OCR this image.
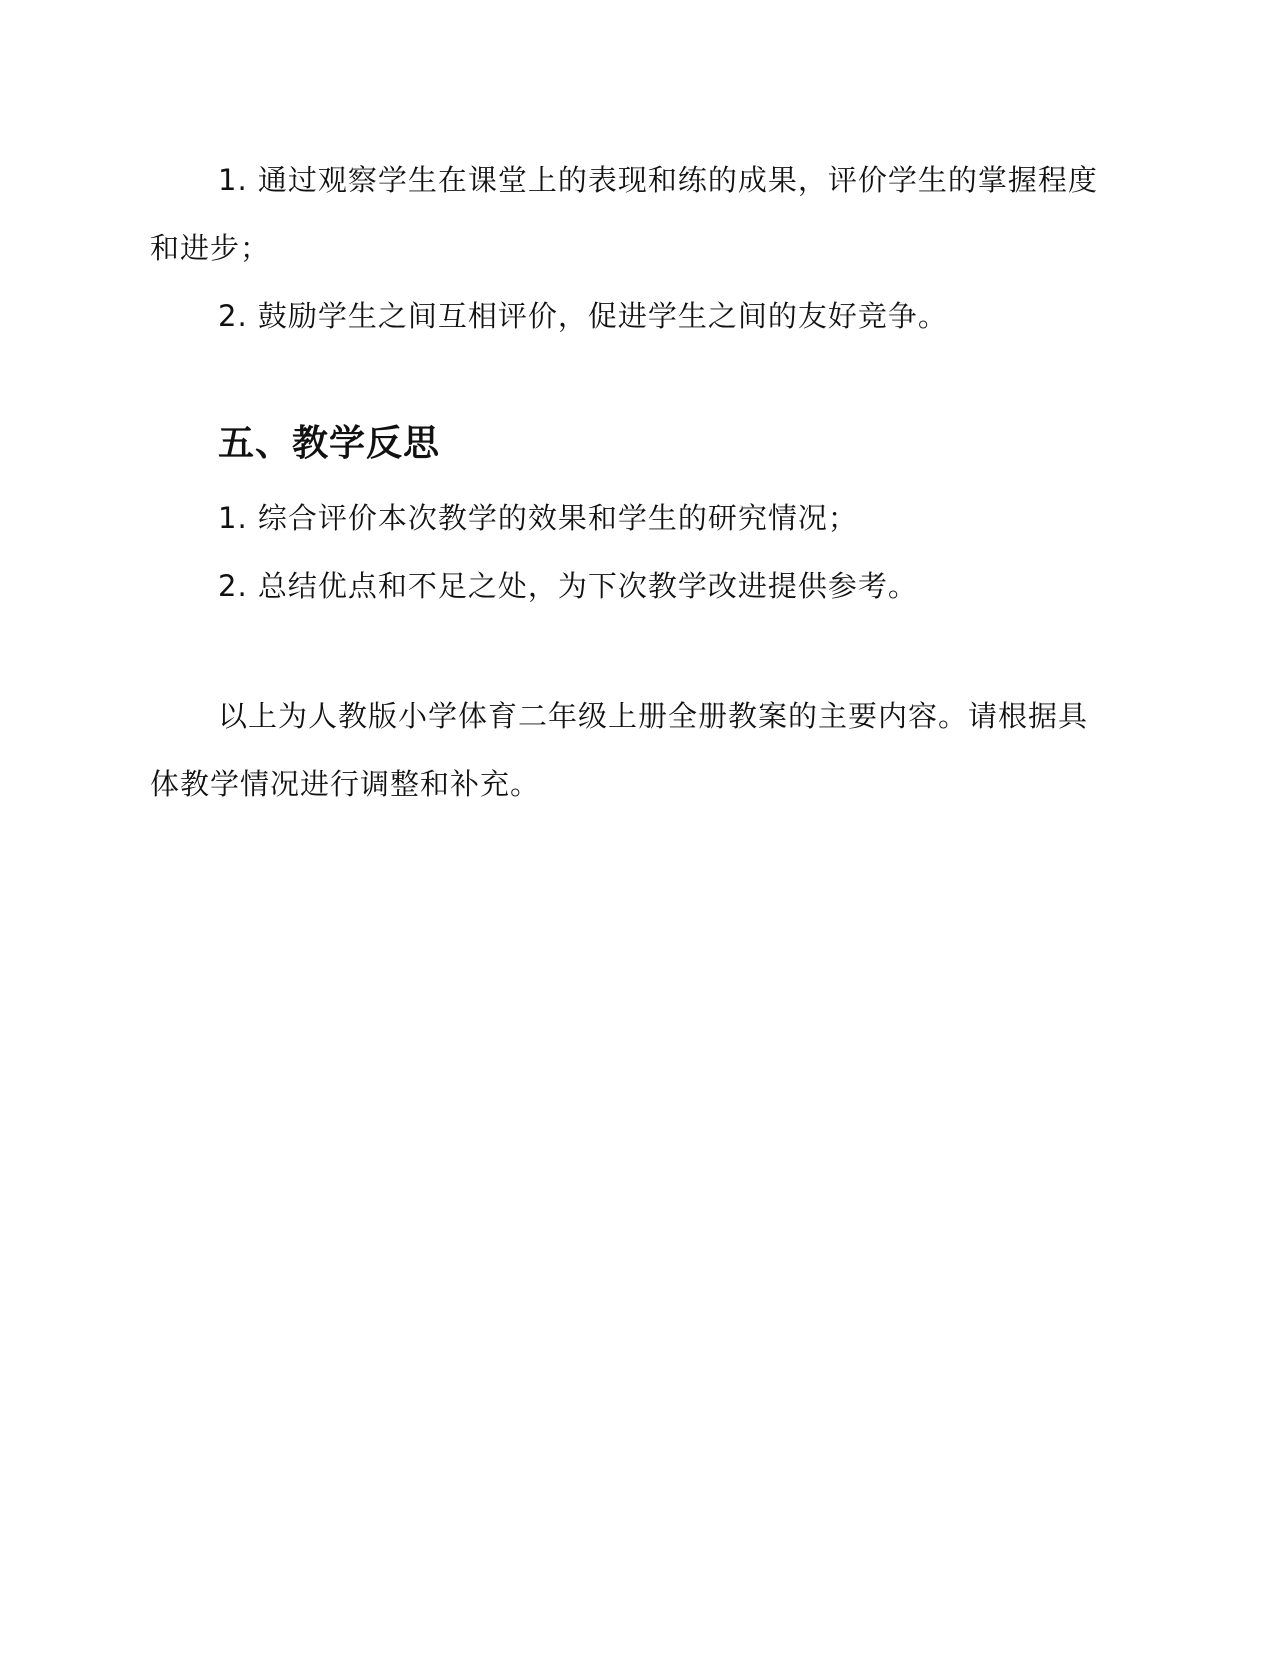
1. 通过观察学生在课堂上的表现和练的成果，评价学生的掌握程度和进步；

2. 鼓励学生之间互相评价，促进学生之间的友好竞争。

五、教学反思

1. 综合评价本次教学的效果和学生的研究情况；

2. 总结优点和不足之处，为下次教学改进提供参考。

以上为人教版小学体育二年级上册全册教案的主要内容。请根据具体教学情况进行调整和补充。
